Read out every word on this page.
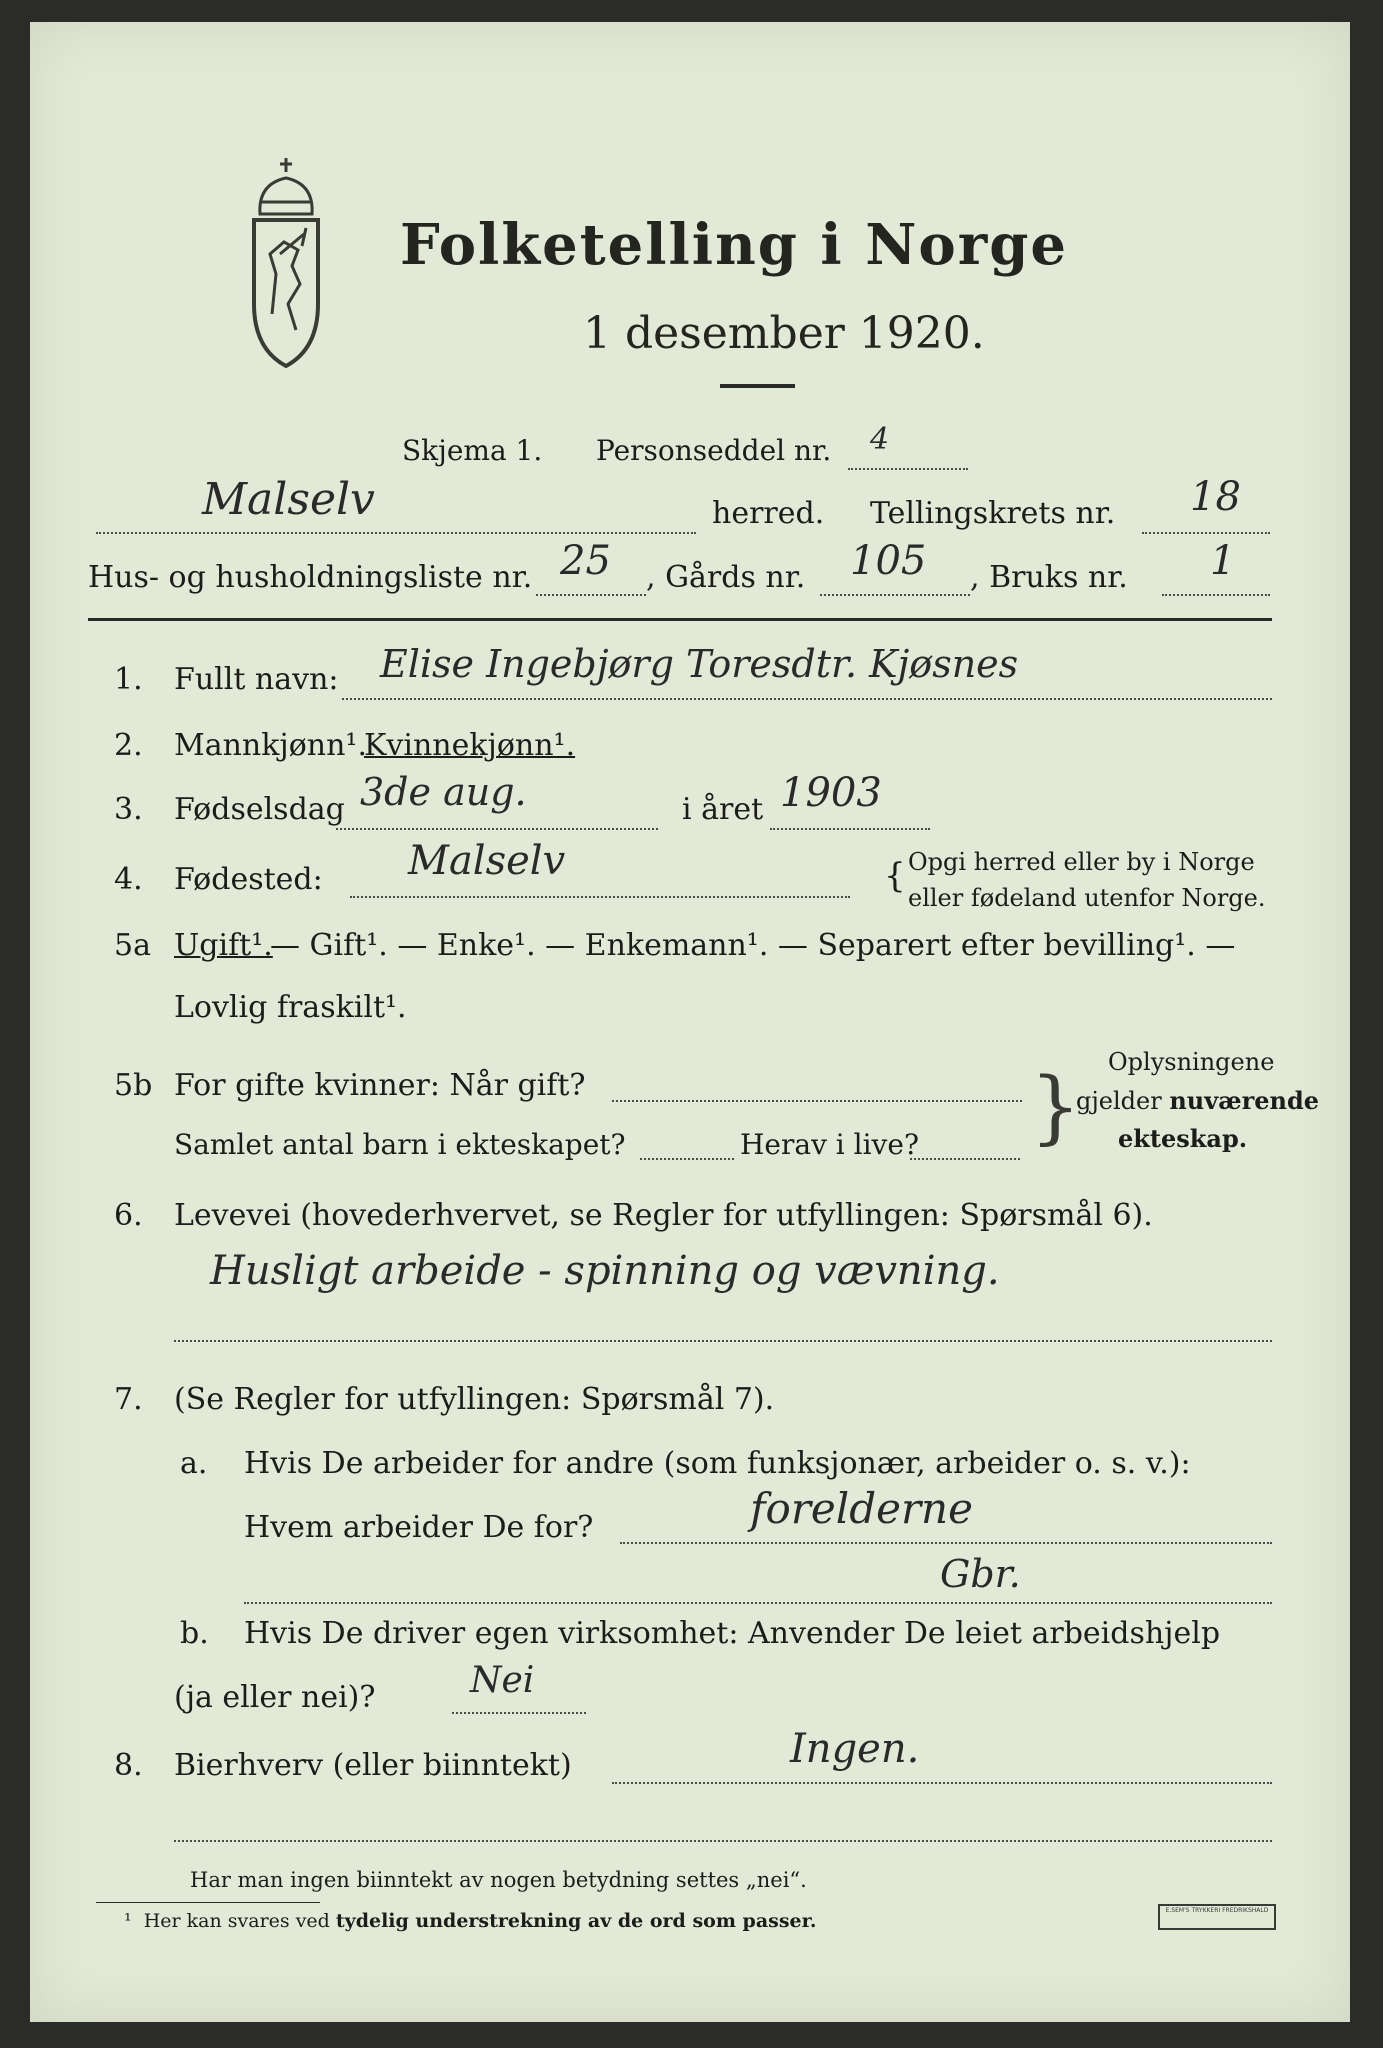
Folketelling i Norge
1 desember 1920.
Skjema 1. Personseddel nr. 4
Malselv	herred. Tellingskrets nr. 18
Hus- og husholdningsliste nr. 25 , Gårds nr. 105 , Bruks nr. 1
1. Fullt navn: Elise Ingebjørg Toresdtr. Kjøsnes
2. Mannkjønn¹.
Kvinnekjønn¹.
3. Fødselsdag 3de aug.	i året 1903
4. Fødested: Malselv	{ Opgi herred eller by i Norge
eller fødeland utenfor Norge.
5a Ugift¹.
— Gift¹. — Enke¹. — Enkemann¹. — Separert efter bevilling¹. —
Lovlig fraskilt¹.
5b For gifte kvinner: Når gift?
Samlet antal barn i ekteskapet?	Herav i live? } Oplysningene
gjelder nuværende
ekteskap.
6. Levevei (hovederhvervet, se Regler for utfyllingen: Spørsmål 6).
Husligt arbeide - spinning og vævning.
7. (Se Regler for utfyllingen: Spørsmål 7).
a. Hvis De arbeider for andre (som funksjonær, arbeider o. s. v.):
Hvem arbeider De for?	forelderne
Gbr.
b. Hvis De driver egen virksomhet: Anvender De leiet arbeidshjelp
(ja eller nei)?	Nei
8. Bierhverv (eller biinntekt)	Ingen.
Har man ingen biinntekt av nogen betydning settes „nei“.
¹ Her kan svares ved tydelig understrekning av de ord som passer.	E.SEM'S TRYKKERI FREDRIKSHALD
